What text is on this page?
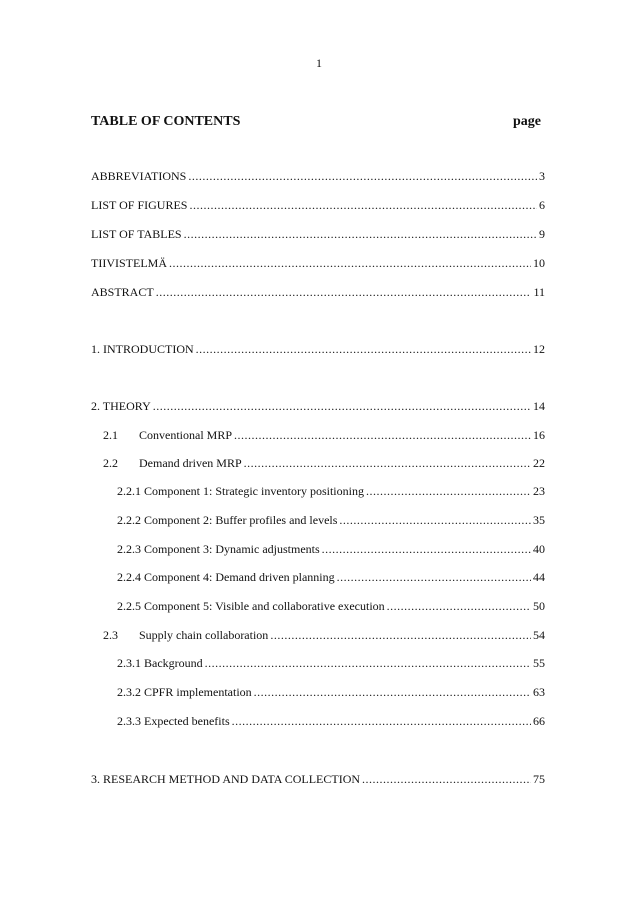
1
TABLE OF CONTENTS	page
ABBREVIATIONS .....	3
LIST OF FIGURES .....	6
LIST OF TABLES .....	9
TIIVISTELMÄ .....	10
ABSTRACT .....	11
1. INTRODUCTION .....	12
2. THEORY .....	14
2.1	Conventional MRP .....	16
2.2	Demand driven MRP .....	22
2.2.1 Component 1: Strategic inventory positioning .....	23
2.2.2 Component 2: Buffer profiles and levels .....	35
2.2.3 Component 3: Dynamic adjustments .....	40
2.2.4 Component 4: Demand driven planning .....	44
2.2.5 Component 5: Visible and collaborative execution .....	50
2.3	Supply chain collaboration .....	54
2.3.1 Background .....	55
2.3.2 CPFR implementation .....	63
2.3.3 Expected benefits .....	66
3. RESEARCH METHOD AND DATA COLLECTION .....	75
